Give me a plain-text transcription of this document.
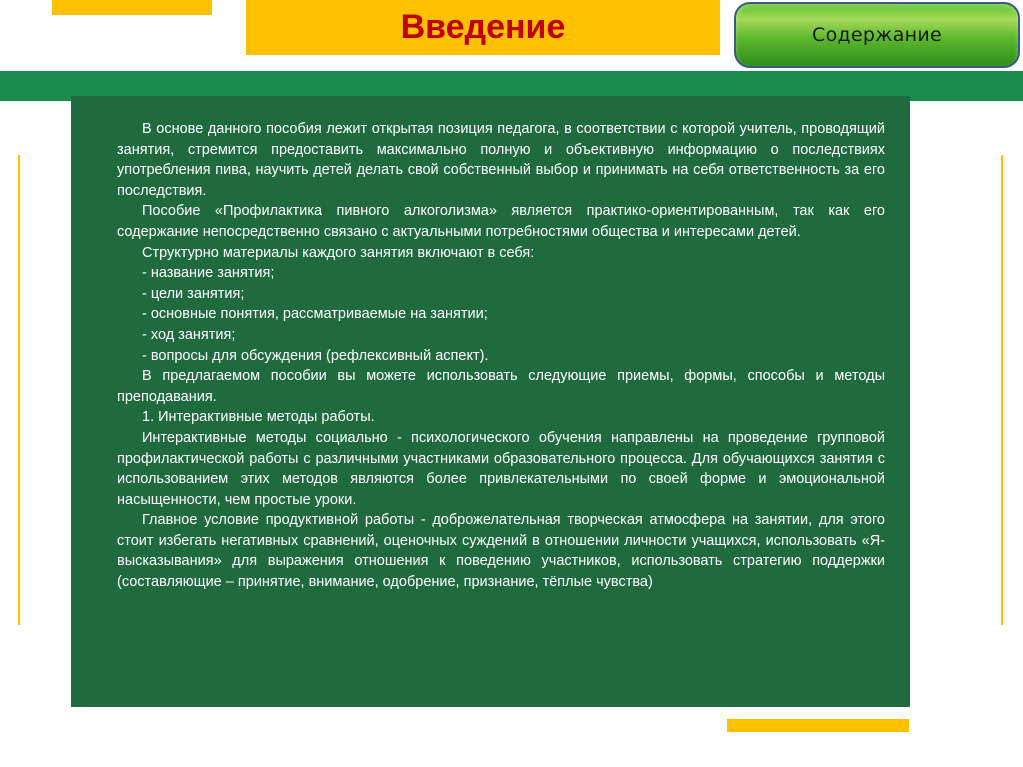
Введение	Содержание

В основе данного пособия лежит открытая позиция педагога, в соответствии с которой учитель, проводящий занятия, стремится предоставить максимально полную и объективную информацию о последствиях употребления пива, научить детей делать свой собственный выбор и принимать на себя ответственность за его последствия.

Пособие «Профилактика пивного алкоголизма» является практико-ориентированным, так как его содержание непосредственно связано с актуальными потребностями общества и интересами детей.

Структурно материалы каждого занятия включают в себя:

- название занятия;

- цели занятия;

- основные понятия, рассматриваемые на занятии;

- ход занятия;

- вопросы для обсуждения (рефлексивный аспект).

В предлагаемом пособии вы можете использовать следующие приемы, формы, способы и методы преподавания.

1. Интерактивные методы работы.

Интерактивные методы социально - психологического обучения направлены на проведение групповой профилактической работы с различными участниками образовательного процесса. Для обучающихся занятия с использованием этих методов являются более привлекательными по своей форме и эмоциональной насыщенности, чем простые уроки.

Главное условие продуктивной работы - доброжелательная творческая атмосфера на занятии, для этого стоит избегать негативных сравнений, оценочных суждений в отношении личности учащихся, использовать «Я-высказывания» для выражения отношения к поведению участников, использовать стратегию поддержки (составляющие – принятие, внимание, одобрение, признание, тёплые чувства)
